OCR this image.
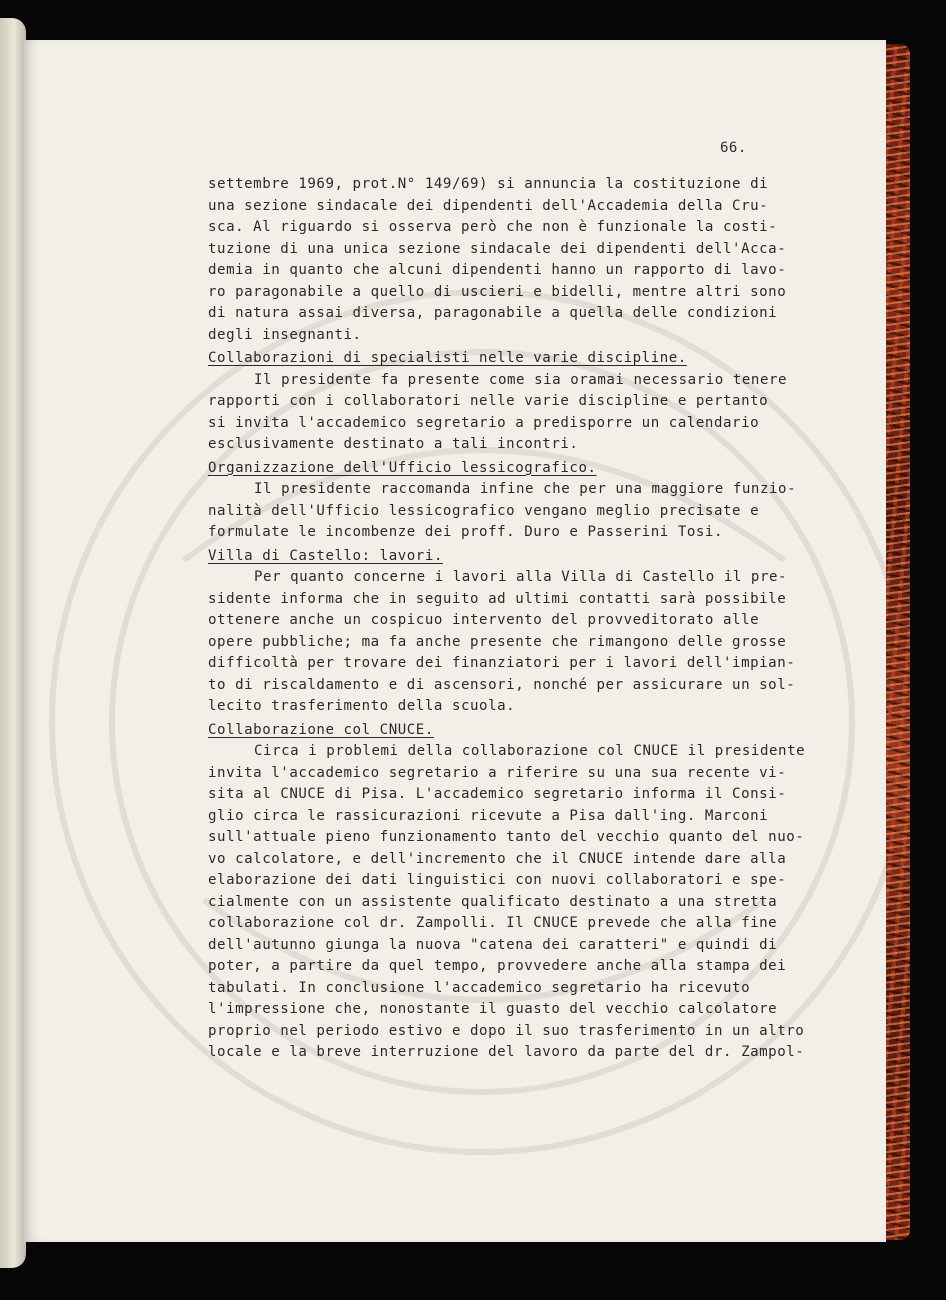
66.
settembre 1969, prot.N° 149/69) si annuncia la costituzione di
una sezione sindacale dei dipendenti dell'Accademia della Cru-
sca. Al riguardo si osserva però che non è funzionale la costi-
tuzione di una unica sezione sindacale dei dipendenti dell'Acca-
demia in quanto che alcuni dipendenti hanno un rapporto di lavo-
ro paragonabile a quello di uscieri e bidelli, mentre altri sono
di natura assai diversa, paragonabile a quella delle condizioni
degli insegnanti.
Collaborazioni di specialisti nelle varie discipline.
Il presidente fa presente come sia oramai necessario tenere
rapporti con i collaboratori nelle varie discipline e pertanto
si invita l'accademico segretario a predisporre un calendario
esclusivamente destinato a tali incontri.
Organizzazione dell'Ufficio lessicografico.
Il presidente raccomanda infine che per una maggiore funzio-
nalità dell'Ufficio lessicografico vengano meglio precisate e
formulate le incombenze dei proff. Duro e Passerini Tosi.
Villa di Castello: lavori.
Per quanto concerne i lavori alla Villa di Castello il pre-
sidente informa che in seguito ad ultimi contatti sarà possibile
ottenere anche un cospicuo intervento del provveditorato alle
opere pubbliche; ma fa anche presente che rimangono delle grosse
difficoltà per trovare dei finanziatori per i lavori dell'impian-
to di riscaldamento e di ascensori, nonché per assicurare un sol-
lecito trasferimento della scuola.
Collaborazione col CNUCE.
Circa i problemi della collaborazione col CNUCE il presidente
invita l'accademico segretario a riferire su una sua recente vi-
sita al CNUCE di Pisa. L'accademico segretario informa il Consi-
glio circa le rassicurazioni ricevute a Pisa dall'ing. Marconi
sull'attuale pieno funzionamento tanto del vecchio quanto del nuo-
vo calcolatore, e dell'incremento che il CNUCE intende dare alla
elaborazione dei dati linguistici con nuovi collaboratori e spe-
cialmente con un assistente qualificato destinato a una stretta
collaborazione col dr. Zampolli. Il CNUCE prevede che alla fine
dell'autunno giunga la nuova "catena dei caratteri" e quindi di
poter, a partire da quel tempo, provvedere anche alla stampa dei
tabulati. In conclusione l'accademico segretario ha ricevuto
l'impressione che, nonostante il guasto del vecchio calcolatore
proprio nel periodo estivo e dopo il suo trasferimento in un altro
locale e la breve interruzione del lavoro da parte del dr. Zampol-
